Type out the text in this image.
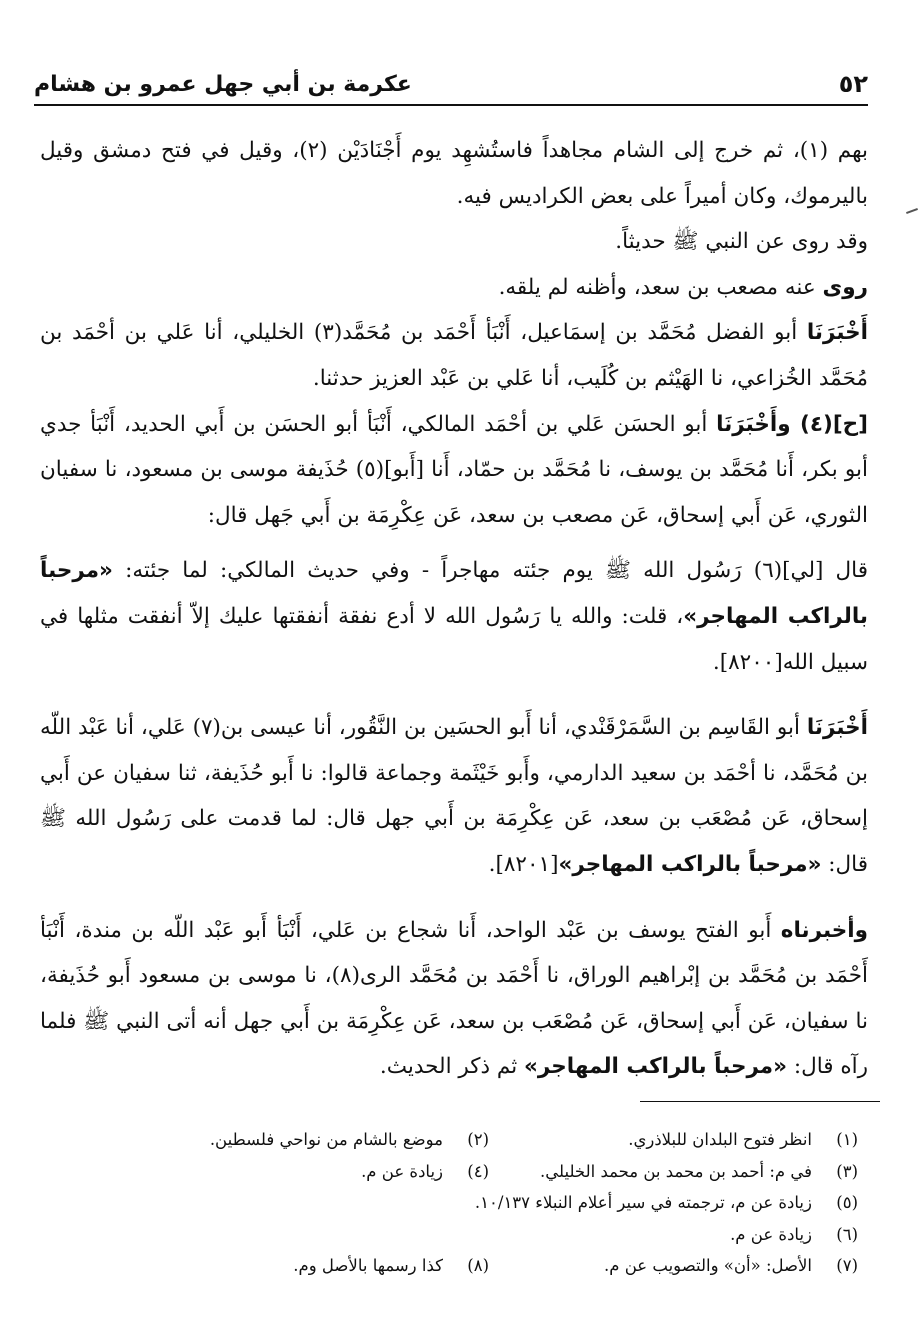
٥٢
عكرمة بن أبي جهل عمرو بن هشام

بهم (١)، ثم خرج إلى الشام مجاهداً فاستُشهِد يوم أَجْنَادَيْن (٢)، وقيل في فتح دمشق وقيل باليرموك، وكان أميراً على بعض الكراديس فيه.

وقد روى عن النبي ﷺ حديثاً.

روى عنه مصعب بن سعد، وأظنه لم يلقه.

أَخْبَرَنَا أبو الفضل مُحَمَّد بن إسمَاعيل، أَنْبَأ أَحْمَد بن مُحَمَّد(٣) الخليلي، أنا عَلي بن أحْمَد بن مُحَمَّد الخُزاعي، نا الهَيْثم بن كُلَيب، أنا عَلي بن عَبْد العزيز حدثنا.

[ح](٤) وأَخْبَرَنَا أبو الحسَن عَلي بن أحْمَد المالكي، أَنْبَأ أبو الحسَن بن أَبي الحديد، أَنْبَأ جدي أبو بكر، أَنا مُحَمَّد بن يوسف، نا مُحَمَّد بن حمّاد، أَنا [أَبو](٥) حُذَيفة موسى بن مسعود، نا سفيان الثوري، عَن أَبي إسحاق، عَن مصعب بن سعد، عَن عِكْرِمَة بن أَبي جَهل قال:

قال [لي](٦) رَسُول الله ﷺ يوم جئته مهاجراً - وفي حديث المالكي: لما جئته: «مرحباً بالراكب المهاجر»، قلت: والله يا رَسُول الله لا أدع نفقة أنفقتها عليك إلاّ أنفقت مثلها في سبيل الله[٨٢٠٠].

أَخْبَرَنَا أبو القَاسِم بن السَّمَرْقَنْدي، أنا أَبو الحسَين بن النَّقُور، أنا عيسى بن(٧) عَلي، أنا عَبْد اللّه بن مُحَمَّد، نا أحْمَد بن سعيد الدارمي، وأَبو خَيْثَمة وجماعة قالوا: نا أَبو حُذَيفة، ثنا سفيان عن أَبي إسحاق، عَن مُصْعَب بن سعد، عَن عِكْرِمَة بن أَبي جهل قال: لما قدمت على رَسُول الله ﷺ قال: «مرحباً بالراكب المهاجر»[٨٢٠١].

وأخبرناه أَبو الفتح يوسف بن عَبْد الواحد، أَنا شجاع بن عَلي، أَنْبَأ أَبو عَبْد اللّه بن مندة، أَنْبَأ أَحْمَد بن مُحَمَّد بن إبْراهيم الوراق، نا أَحْمَد بن مُحَمَّد الرى(٨)، نا موسى بن مسعود أَبو حُذَيفة، نا سفيان، عَن أَبي إسحاق، عَن مُصْعَب بن سعد، عَن عِكْرِمَة بن أَبي جهل أنه أتى النبي ﷺ فلما رآه قال: «مرحباً بالراكب المهاجر» ثم ذكر الحديث.

(١)
انظر فتوح البلدان للبلاذري.
(٢)
موضع بالشام من نواحي فلسطين.
(٣)
في م: أحمد بن محمد بن محمد الخليلي.
(٤)
زيادة عن م.
(٥)
زيادة عن م، ترجمته في سير أعلام النبلاء ١٠/١٣٧.
(٦)
زيادة عن م.
(٧)
الأصل: «أن» والتصويب عن م.
(٨)
كذا رسمها بالأصل وم.
